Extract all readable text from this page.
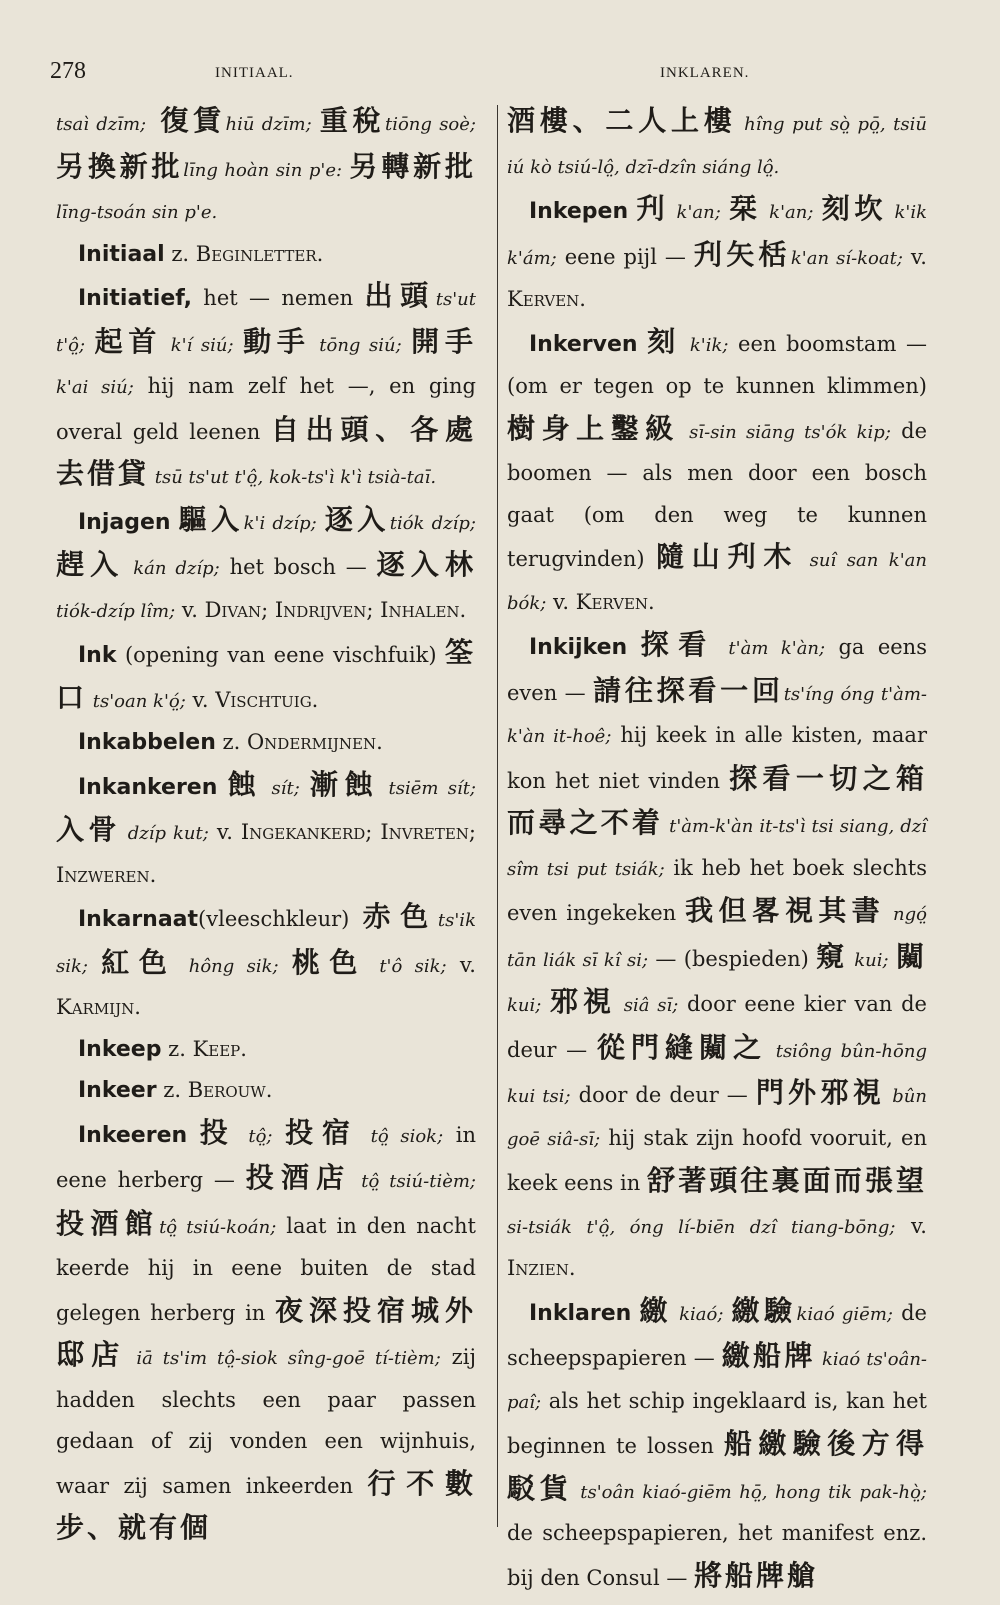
278	INITIAAL.	INKLAREN.

tsaì dzīm; 復賃hiū dzīm; 重稅tiōng soè; 另換新批līng hoàn sin p'e: 另轉新批 līng-tsoán sin p'e.

Initiaal z. Beginletter.

Initiatief, het — nemen 出頭ts'ut t'ô̤; 起首 k'í siú; 動手 tōng siú; 開手 k'ai siú; hij nam zelf het —, en ging overal geld leenen 自出頭、各處去借貸 tsū ts'ut t'ô̤, kok-ts'ì k'ì tsià-taī.

Injagen 驅入k'i dzíp; 逐入tiók dzíp; 趕入 kán dzíp; het bosch — 逐入林 tiók-dzíp lîm; v. Divan; Indrijven; Inhalen.

Ink (opening van eene vischfuik) 筌口 ts'oan k'ó̤; v. Vischtuig.

Inkabbelen z. Ondermijnen.

Inkankeren 蝕 sít; 漸蝕 tsiēm sít; 入骨 dzíp kut; v. Ingekankerd; Invreten; Inzweren.

Inkarnaat(vleeschkleur) 赤色ts'ik sik; 紅色 hông sik; 桃色 t'ô sik; v. Karmijn.

Inkeep z. Keep.

Inkeer z. Berouw.

Inkeeren 投 tô̤; 投宿 tô̤ siok; in eene herberg — 投酒店 tô̤ tsiú-tièm; 投酒館tô̤ tsiú-koán; laat in den nacht keerde hij in eene buiten de stad gelegen herberg in 夜深投宿城外邸店 iā ts'im tô̤-siok sîng-goē tí-tièm; zij hadden slechts een paar passen gedaan of zij vonden een wijnhuis, waar zij samen inkeerden 行不數步、就有個

酒樓、二人上樓 hîng put sò̤ pō̤, tsiū iú kò tsiú-lô̤, dzī-dzîn siáng lô̤.

Inkepen 刋 k'an; 栞 k'an; 刻坎 k'ik k'ám; eene pijl — 刋矢栝k'an sí-koat; v. Kerven.

Inkerven 刻 k'ik; een boomstam — (om er tegen op te kunnen klimmen) 樹身上鑿級 sī-sin siāng ts'ók kip; de boomen — als men door een bosch gaat (om den weg te kunnen terugvinden) 隨山刋木 suî san k'an bók; v. Kerven.

Inkijken 探看 t'àm k'àn; ga eens even — 請往探看一回ts'íng óng t'àm-k'àn it-hoê; hij keek in alle kisten, maar kon het niet vinden 探看一切之箱而尋之不着 t'àm-k'àn it-ts'ì tsi siang, dzî sîm tsi put tsiák; ik heb het boek slechts even ingekeken 我但畧視其書 ngó̤ tān liák sī kî si; — (bespieden) 窺 kui; 闚 kui; 邪視 siâ sī; door eene kier van de deur — 從門縫闚之 tsiông bûn-hōng kui tsi; door de deur — 門外邪視 bûn goē siâ-sī; hij stak zijn hoofd vooruit, en keek eens in 舒著頭往裏面而張望 si-tsiák t'ô̤, óng lí-biēn dzî tiang-bōng; v. Inzien.

Inklaren 繳 kiaó; 繳驗kiaó giēm; de scheepspapieren — 繳船牌 kiaó ts'oân-paî; als het schip ingeklaard is, kan het beginnen te lossen 船繳驗後方得駁貨 ts'oân kiaó-giēm hō̤, hong tik pak-hò̤; de scheepspapieren, het manifest enz. bij den Consul — 將船牌艙
